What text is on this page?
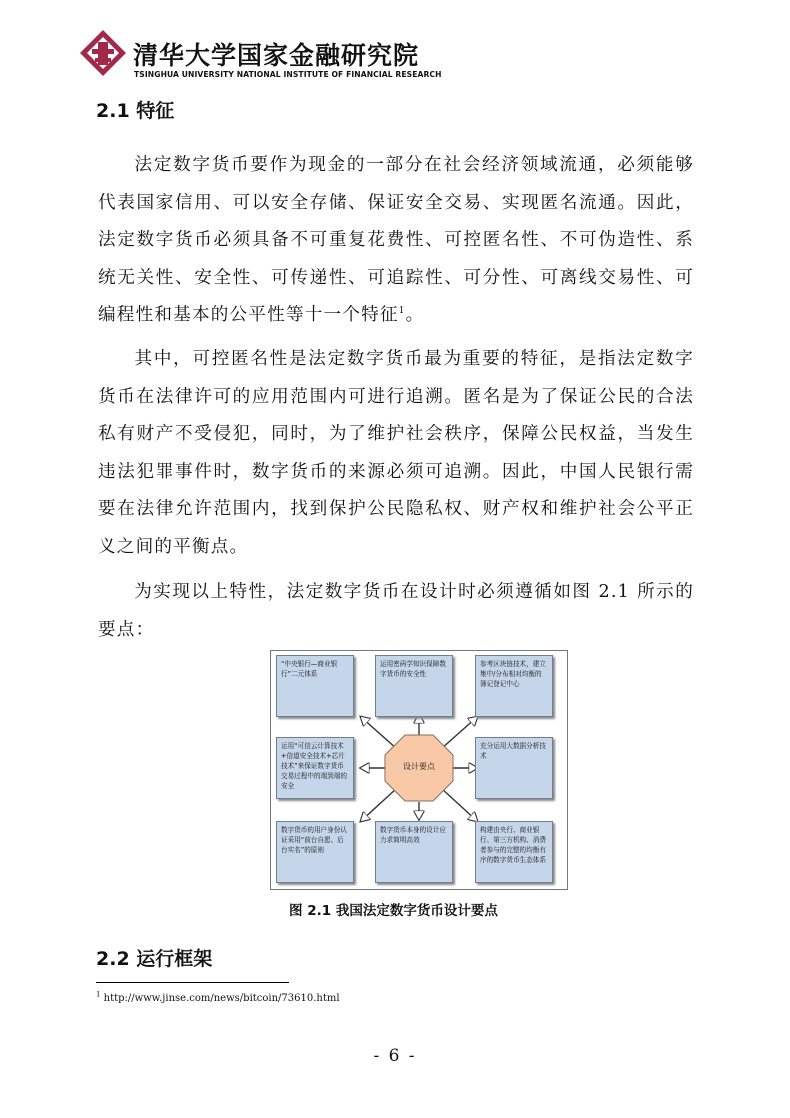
清华大学国家金融研究院
TSINGHUA UNIVERSITY NATIONAL INSTITUTE OF FINANCIAL RESEARCH
2.1 特征

法定数字货币要作为现金的一部分在社会经济领域流通，必须能够代表国家信用、可以安全存储、保证安全交易、实现匿名流通。因此，法定数字货币必须具备不可重复花费性、可控匿名性、不可伪造性、系统无关性、安全性、可传递性、可追踪性、可分性、可离线交易性、可编程性和基本的公平性等十一个特征$^1$。

其中，可控匿名性是法定数字货币最为重要的特征，是指法定数字货币在法律许可的应用范围内可进行追溯。匿名是为了保证公民的合法私有财产不受侵犯，同时，为了维护社会秩序，保障公民权益，当发生违法犯罪事件时，数字货币的来源必须可追溯。因此，中国人民银行需要在法律允许范围内，找到保护公民隐私权、财产权和维护社会公平正义之间的平衡点。

为实现以上特性，法定数字货币在设计时必须遵循如图 2.1 所示的要点：

设计要点
“中央银行—商业银行”二元体系
运用密码学知识保障数字货币的安全性
参考区块链技术，建立集中/分布相对均衡的簿记登记中心
运用“可信云计算技术+信道安全技术+芯片技术”来保证数字货币交易过程中的端到端的安全
充分运用大数据分析技术
数字货币的用户身份认证采用“前台自愿、后台实名”的原则
数字货币本身的设计应力求简明高效
构建由央行、商业银行、第三方机构、消费者参与的完整的均衡有序的数字货币生态体系
图 2.1 我国法定数字货币设计要点
2.2 运行框架
$^1$ http://www.jinse.com/news/bitcoin/73610.html
- 6 -
